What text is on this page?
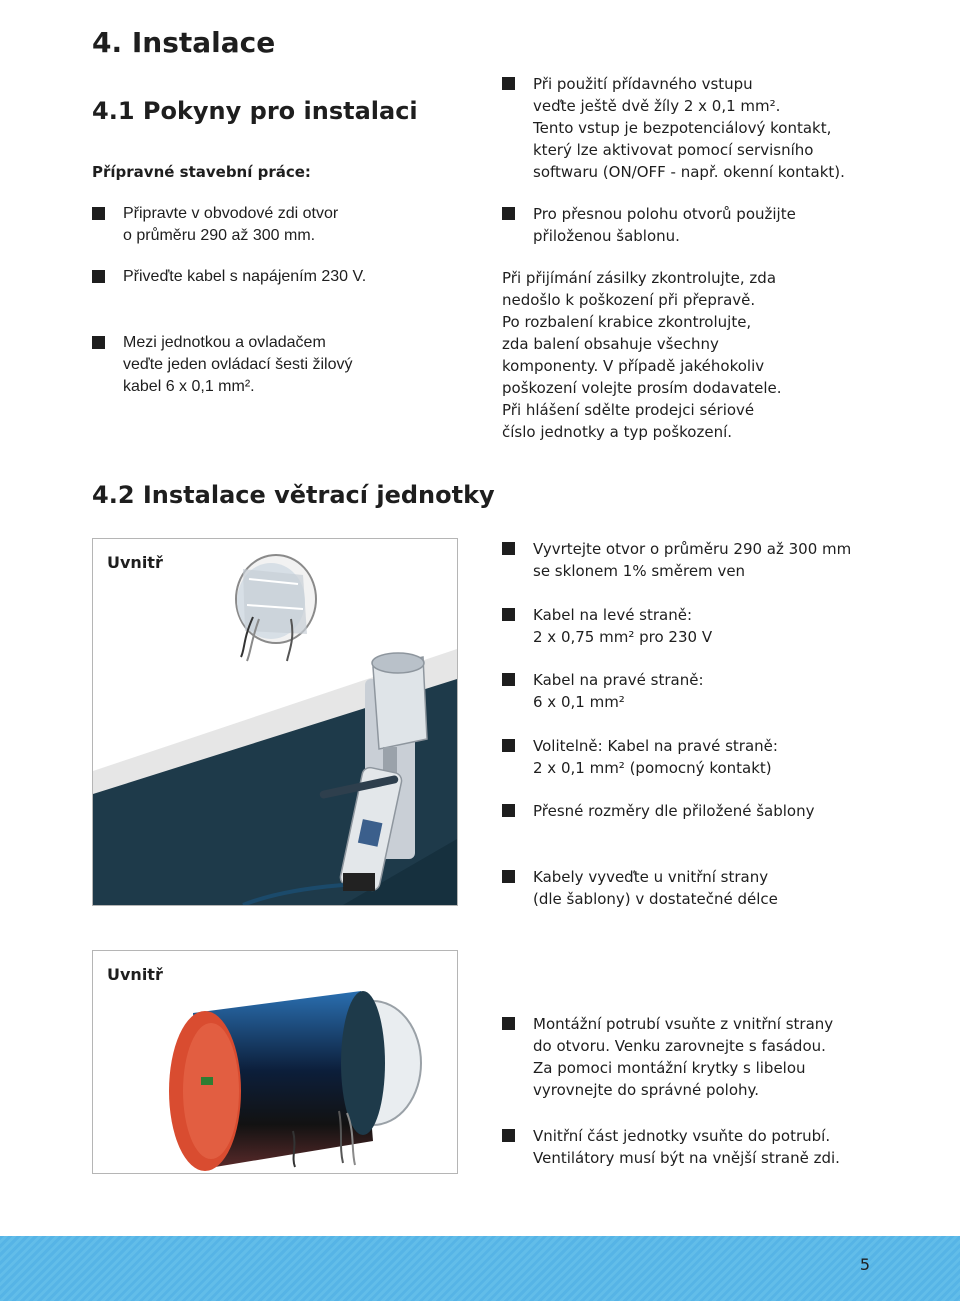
4. Instalace
4.1 Pokyny pro instalaci
Přípravné stavební práce:
Připravte v obvodové zdi otvor
o průměru 290 až 300 mm.
Přiveďte kabel s napájením 230 V.
Mezi jednotkou a ovladačem
veďte jeden ovládací šesti žilový
kabel 6 x 0,1 mm².
Při použití přídavného vstupu
veďte ještě dvě žíly 2 x 0,1 mm².
Tento vstup je bezpotenciálový kontakt,
který lze aktivovat pomocí servisního
softwaru (ON/OFF - např. okenní kontakt).
Pro přesnou polohu otvorů použijte
přiloženou šablonu.
Při přijímání zásilky zkontrolujte, zda
nedošlo k poškození při přepravě.
Po rozbalení krabice zkontrolujte,
zda balení obsahuje všechny
komponenty. V případě jakéhokoliv
poškození volejte prosím dodavatele.
Při hlášení sdělte prodejci sériové
číslo jednotky a typ poškození.
4.2 Instalace větrací jednotky
Uvnitř
Vyvrtejte otvor o průměru 290 až 300 mm
se sklonem 1% směrem ven
Kabel na levé straně:
2 x 0,75 mm² pro 230 V
Kabel na pravé straně:
6 x 0,1 mm²
Volitelně: Kabel na pravé straně:
2 x 0,1 mm² (pomocný kontakt)
Přesné rozměry dle přiložené šablony
Kabely vyveďte u vnitřní strany
(dle šablony) v dostatečné délce
Uvnitř
Montážní potrubí vsuňte z vnitřní strany
do otvoru. Venku zarovnejte s fasádou.
Za pomoci montážní krytky s libelou
vyrovnejte do správné polohy.
Vnitřní část jednotky vsuňte do potrubí.
Ventilátory musí být na vnější straně zdi.
5
